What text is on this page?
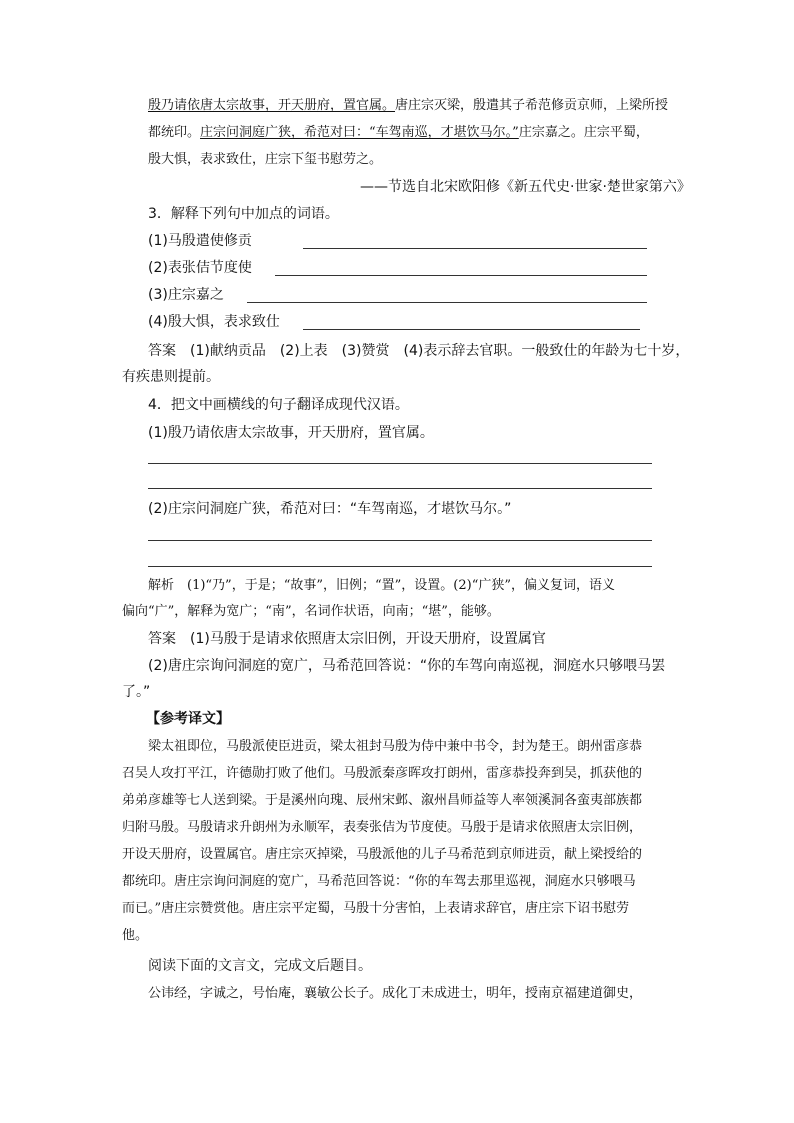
殷乃请依唐太宗故事，开天册府，置官属。唐庄宗灭梁，殷遣其子希范修贡京师，上梁所授
都统印。庄宗问洞庭广狭，希范对曰：“车驾南巡，才堪饮马尔。”庄宗嘉之。庄宗平蜀，
殷大惧，表求致仕，庄宗下玺书慰劳之。
——节选自北宋欧阳修《新五代史·世家·楚世家第六》
3．解释下列句中加点的词语。
(1)马殷遣使修贡
(2)表张佶节度使
(3)庄宗嘉之
(4)殷大惧，表求致仕
答案　(1)献纳贡品　(2)上表　(3)赞赏　(4)表示辞去官职。一般致仕的年龄为七十岁，
有疾患则提前。
4．把文中画横线的句子翻译成现代汉语。
(1)殷乃请依唐太宗故事，开天册府，置官属。
(2)庄宗问洞庭广狭，希范对曰：“车驾南巡，才堪饮马尔。”
解析　(1)“乃”，于是；“故事”，旧例；“置”，设置。(2)“广狭”，偏义复词，语义
偏向“广”，解释为宽广；“南”，名词作状语，向南；“堪”，能够。
答案　(1)马殷于是请求依照唐太宗旧例，开设天册府，设置属官
(2)唐庄宗询问洞庭的宽广，马希范回答说：“你的车驾向南巡视，洞庭水只够喂马罢
了。”
【参考译文】
梁太祖即位，马殷派使臣进贡，梁太祖封马殷为侍中兼中书令，封为楚王。朗州雷彦恭
召吴人攻打平江，许德勋打败了他们。马殷派秦彦晖攻打朗州，雷彦恭投奔到吴，抓获他的
弟弟彦雄等七人送到梁。于是溪州向瑰、辰州宋邺、溆州昌师益等人率领溪洞各蛮夷部族都
归附马殷。马殷请求升朗州为永顺军，表奏张佶为节度使。马殷于是请求依照唐太宗旧例，
开设天册府，设置属官。唐庄宗灭掉梁，马殷派他的儿子马希范到京师进贡，献上梁授给的
都统印。唐庄宗询问洞庭的宽广，马希范回答说：“你的车驾去那里巡视，洞庭水只够喂马
而已。”唐庄宗赞赏他。唐庄宗平定蜀，马殷十分害怕，上表请求辞官，唐庄宗下诏书慰劳
他。
阅读下面的文言文，完成文后题目。
公讳经，字诚之，号怡庵，襄敏公长子。成化丁未成进士，明年，授南京福建道御史，
